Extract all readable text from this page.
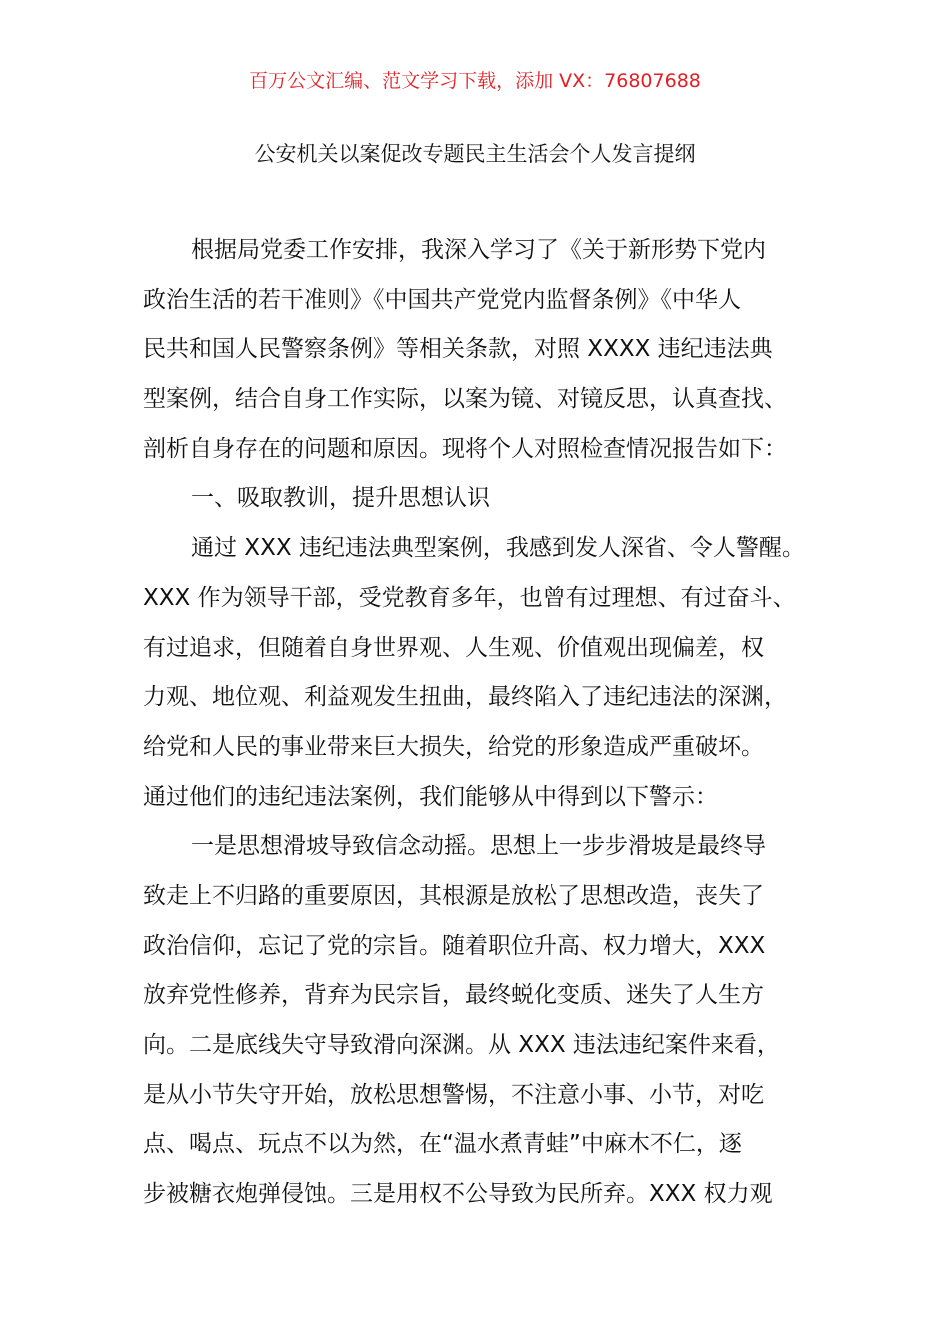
百万公文汇编、范文学习下载，添加 VX：76807688
公安机关以案促改专题民主生活会个人发言提纲
根据局党委工作安排，我深入学习了《关于新形势下党内
政治生活的若干准则》《中国共产党党内监督条例》《中华人
民共和国人民警察条例》等相关条款，对照 XXXX 违纪违法典
型案例，结合自身工作实际，以案为镜、对镜反思，认真查找、
剖析自身存在的问题和原因。现将个人对照检查情况报告如下：
一、吸取教训，提升思想认识
通过 XXX 违纪违法典型案例，我感到发人深省、令人警醒。
XXX 作为领导干部，受党教育多年，也曾有过理想、有过奋斗、
有过追求，但随着自身世界观、人生观、价值观出现偏差，权
力观、地位观、利益观发生扭曲，最终陷入了违纪违法的深渊，
给党和人民的事业带来巨大损失，给党的形象造成严重破坏。
通过他们的违纪违法案例，我们能够从中得到以下警示：
一是思想滑坡导致信念动摇。思想上一步步滑坡是最终导
致走上不归路的重要原因，其根源是放松了思想改造，丧失了
政治信仰，忘记了党的宗旨。随着职位升高、权力增大，XXX
放弃党性修养，背弃为民宗旨，最终蜕化变质、迷失了人生方
向。二是底线失守导致滑向深渊。从 XXX 违法违纪案件来看，
是从小节失守开始，放松思想警惕，不注意小事、小节，对吃
点、喝点、玩点不以为然，在“温水煮青蛙”中麻木不仁，逐
步被糖衣炮弹侵蚀。三是用权不公导致为民所弃。XXX 权力观
